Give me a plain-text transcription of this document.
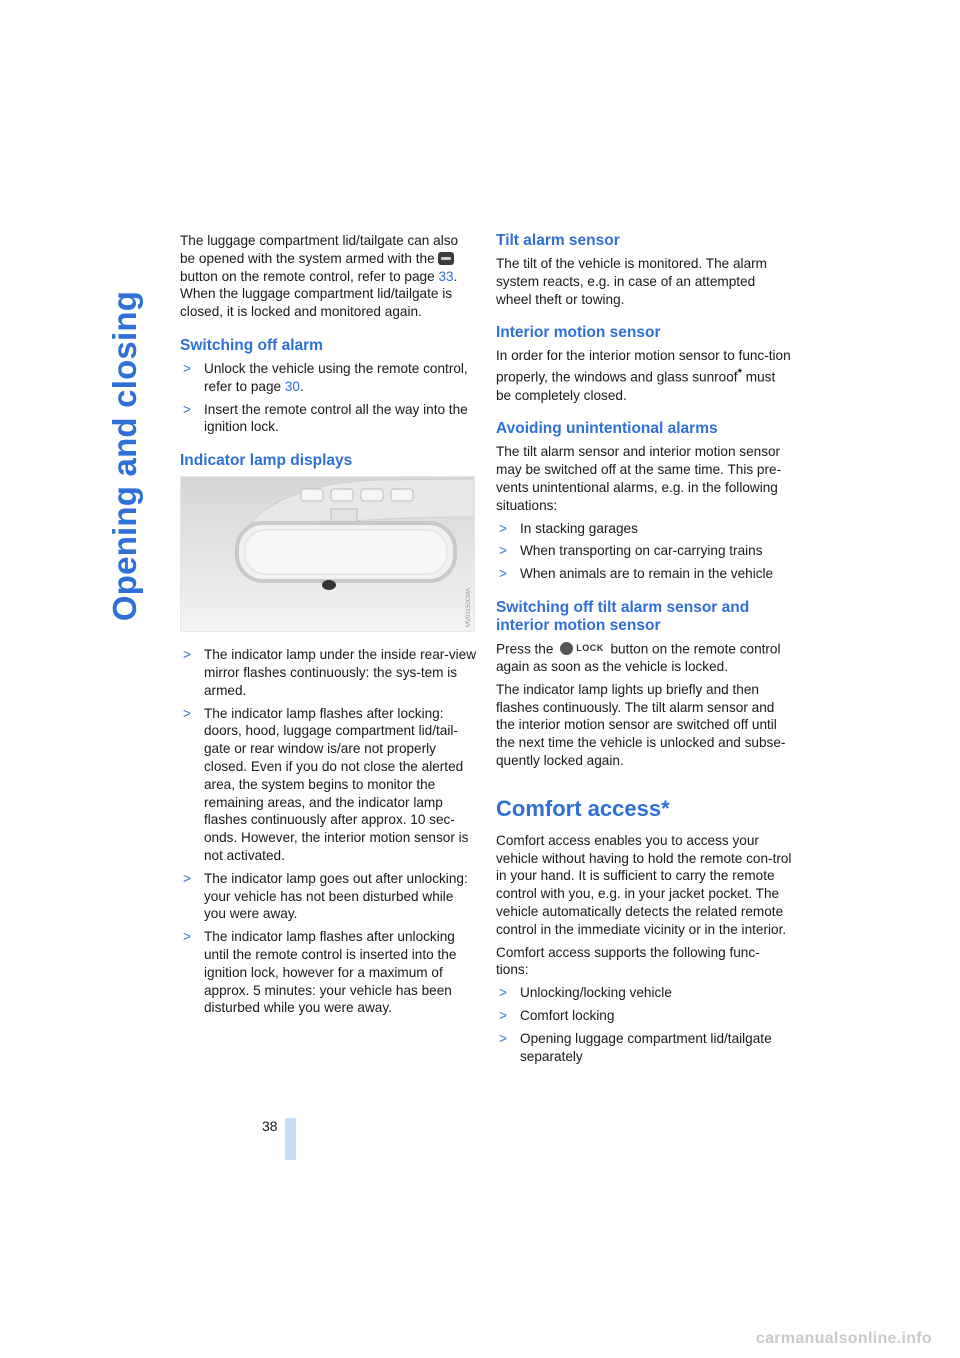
Opening and closing

The luggage compartment lid/tailgate can also be opened with the system armed with the button on the remote control, refer to page 33. When the luggage compartment lid/tailgate is closed, it is locked and monitored again.

Switching off alarm
> Unlock the vehicle using the remote control, refer to page 30.
> Insert the remote control all the way into the ignition lock.
Indicator lamp displays
MV03150CMA
> The indicator lamp under the inside rear-view mirror flashes continuously: the sys-tem is armed.
> The indicator lamp flashes after locking: doors, hood, luggage compartment lid/tail-gate or rear window is/are not properly closed. Even if you do not close the alerted area, the system begins to monitor the remaining areas, and the indicator lamp flashes continuously after approx. 10 sec-onds. However, the interior motion sensor is not activated.
> The indicator lamp goes out after unlocking: your vehicle has not been disturbed while you were away.
> The indicator lamp flashes after unlocking until the remote control is inserted into the ignition lock, however for a maximum of approx. 5 minutes: your vehicle has been disturbed while you were away.
Tilt alarm sensor

The tilt of the vehicle is monitored. The alarm system reacts, e.g. in case of an attempted wheel theft or towing.

Interior motion sensor

In order for the interior motion sensor to func-tion properly, the windows and glass sunroof* must be completely closed.

Avoiding unintentional alarms

The tilt alarm sensor and interior motion sensor may be switched off at the same time. This pre-vents unintentional alarms, e.g. in the following situations:

> In stacking garages
> When transporting on car-carrying trains
> When animals are to remain in the vehicle
Switching off tilt alarm sensor and interior motion sensor

Press the	LOCK button on the remote control again as soon as the vehicle is locked.

The indicator lamp lights up briefly and then flashes continuously. The tilt alarm sensor and the interior motion sensor are switched off until the next time the vehicle is unlocked and subse-quently locked again.

Comfort access*

Comfort access enables you to access your vehicle without having to hold the remote con-trol in your hand. It is sufficient to carry the remote control with you, e.g. in your jacket pocket. The vehicle automatically detects the related remote control in the immediate vicinity or in the interior.

Comfort access supports the following func-tions:

> Unlocking/locking vehicle
> Comfort locking
> Opening luggage compartment lid/tailgate separately
38
carmanualsonline.info
